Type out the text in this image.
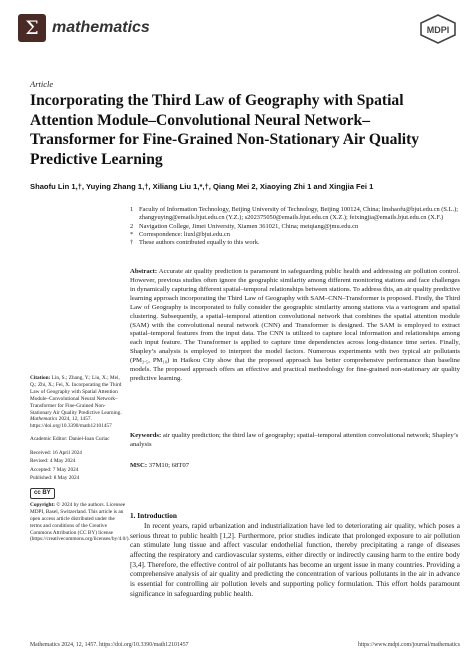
Σ mathematics	MDPI
Article
Incorporating the Third Law of Geography with Spatial Attention Module–Convolutional Neural Network–Transformer for Fine-Grained Non-Stationary Air Quality Predictive Learning
Shaofu Lin 1,†, Yuying Zhang 1,†, Xiliang Liu 1,*,†, Qiang Mei 2, Xiaoying Zhi 1 and Xingjia Fei 1
1 Faculty of Information Technology, Beijing University of Technology, Beijing 100124, China; linshaofu@bjut.edu.cn (S.L.); zhangyuying@emails.bjut.edu.cn (Y.Z.); s202375050@emails.bjut.edu.cn (X.Z.); feixingjia@emails.bjut.edu.cn (X.F.)
2 Navigation College, Jimei University, Xiamen 361021, China; meiqiang@jmu.edu.cn
* Correspondence: liuxl@bjut.edu.cn
† These authors contributed equally to this work.
Abstract: Accurate air quality prediction is paramount in safeguarding public health and addressing air pollution control. However, previous studies often ignore the geographic similarity among different monitoring stations and face challenges in dynamically capturing different spatial–temporal relationships between stations. To address this, an air quality predictive learning approach incorporating the Third Law of Geography with SAM–CNN–Transformer is proposed. Firstly, the Third Law of Geography is incorporated to fully consider the geographic similarity among stations via a variogram and spatial clustering. Subsequently, a spatial–temporal attention convolutional network that combines the spatial attention module (SAM) with the convolutional neural network (CNN) and Transformer is designed. The SAM is employed to extract spatial–temporal features from the input data. The CNN is utilized to capture local information and relationships among each input feature. The Transformer is applied to capture time dependencies across long-distance time series. Finally, Shapley’s analysis is employed to interpret the model factors. Numerous experiments with two typical air pollutants (PM₂.₅, PM₁₀) in Haikou City show that the proposed approach has better comprehensive performance than baseline models. The proposed approach offers an effective and practical methodology for fine-grained non-stationary air quality predictive learning.
Keywords: air quality prediction; the third law of geography; spatial–temporal attention convolutional network; Shapley’s analysis
MSC: 37M10; 68T07
Citation: Lin, S.; Zhang, Y.; Liu, X.; Mei, Q.; Zhi, X.; Fei, X. Incorporating the Third Law of Geography with Spatial Attention Module–Convolutional Neural Network–Transformer for Fine-Grained Non-Stationary Air Quality Predictive Learning. Mathematics 2024, 12, 1457. https://doi.org/10.3390/math12101457
Academic Editor: Daniel-Ioan Curiac
Received: 16 April 2024
Revised: 4 May 2024
Accepted: 7 May 2024
Published: 8 May 2024
cc BY
Copyright: © 2024 by the authors. Licensee MDPI, Basel, Switzerland. This article is an open access article distributed under the terms and conditions of the Creative Commons Attribution (CC BY) license (https://creativecommons.org/licenses/by/4.0/).
1. Introduction
In recent years, rapid urbanization and industrialization have led to deteriorating air quality, which poses a serious threat to public health [1,2]. Furthermore, prior studies indicate that prolonged exposure to air pollution can stimulate lung tissue and affect vascular endothelial function, thereby precipitating a range of diseases affecting the respiratory and cardiovascular systems, either directly or indirectly causing harm to the entire body [3,4]. Therefore, the effective control of air pollutants has become an urgent issue in many countries. Providing a comprehensive analysis of air quality and predicting the concentration of various pollutants in the air in advance is essential for controlling air pollution levels and supporting policy formulation. This effort holds paramount significance in safeguarding public health.
Mathematics 2024, 12, 1457. https://doi.org/10.3390/math12101457	https://www.mdpi.com/journal/mathematics
